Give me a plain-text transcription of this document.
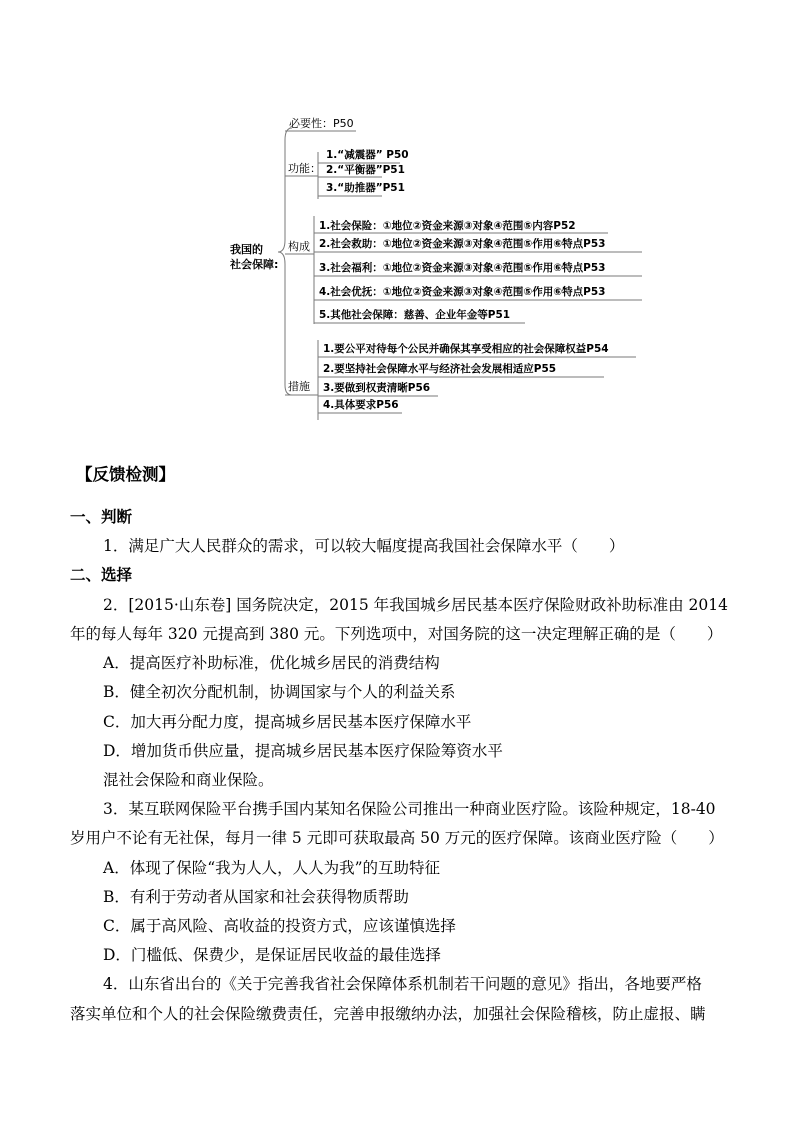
我国的
社会保障:
必要性：P50
功能：
1.“减震器” P50
2.“平衡器”P51
3.“助推器”P51
构成
1.社会保险：①地位②资金来源③对象④范围⑤内容P52
2.社会救助：①地位②资金来源③对象④范围⑤作用⑥特点P53
3.社会福利：①地位②资金来源③对象④范围⑤作用⑥特点P53
4.社会优抚：①地位②资金来源③对象④范围⑤作用⑥特点P53
5.其他社会保障：慈善、企业年金等P51
措施
1.要公平对待每个公民并确保其享受相应的社会保障权益P54
2.要坚持社会保障水平与经济社会发展相适应P55
3.要做到权责清晰P56
4.具体要求P56
【反馈检测】
一、判断
1．满足广大人民群众的需求，可以较大幅度提高我国社会保障水平（　　）
二、选择
2．[2015·山东卷] 国务院决定，2015 年我国城乡居民基本医疗保险财政补助标准由 2014
年的每人每年 320 元提高到 380 元。下列选项中，对国务院的这一决定理解正确的是（　　）
A．提高医疗补助标准，优化城乡居民的消费结构
B．健全初次分配机制，协调国家与个人的利益关系
C．加大再分配力度，提高城乡居民基本医疗保障水平
D．增加货币供应量，提高城乡居民基本医疗保险筹资水平
混社会保险和商业保险。
3．某互联网保险平台携手国内某知名保险公司推出一种商业医疗险。该险种规定，18-40
岁用户不论有无社保，每月一律 5 元即可获取最高 50 万元的医疗保障。该商业医疗险（　　）
A．体现了保险“我为人人，人人为我”的互助特征
B．有利于劳动者从国家和社会获得物质帮助
C．属于高风险、高收益的投资方式，应该谨慎选择
D．门槛低、保费少，是保证居民收益的最佳选择
4．山东省出台的《关于完善我省社会保障体系机制若干问题的意见》指出，各地要严格
落实单位和个人的社会保险缴费责任，完善申报缴纳办法，加强社会保险稽核，防止虚报、瞒
